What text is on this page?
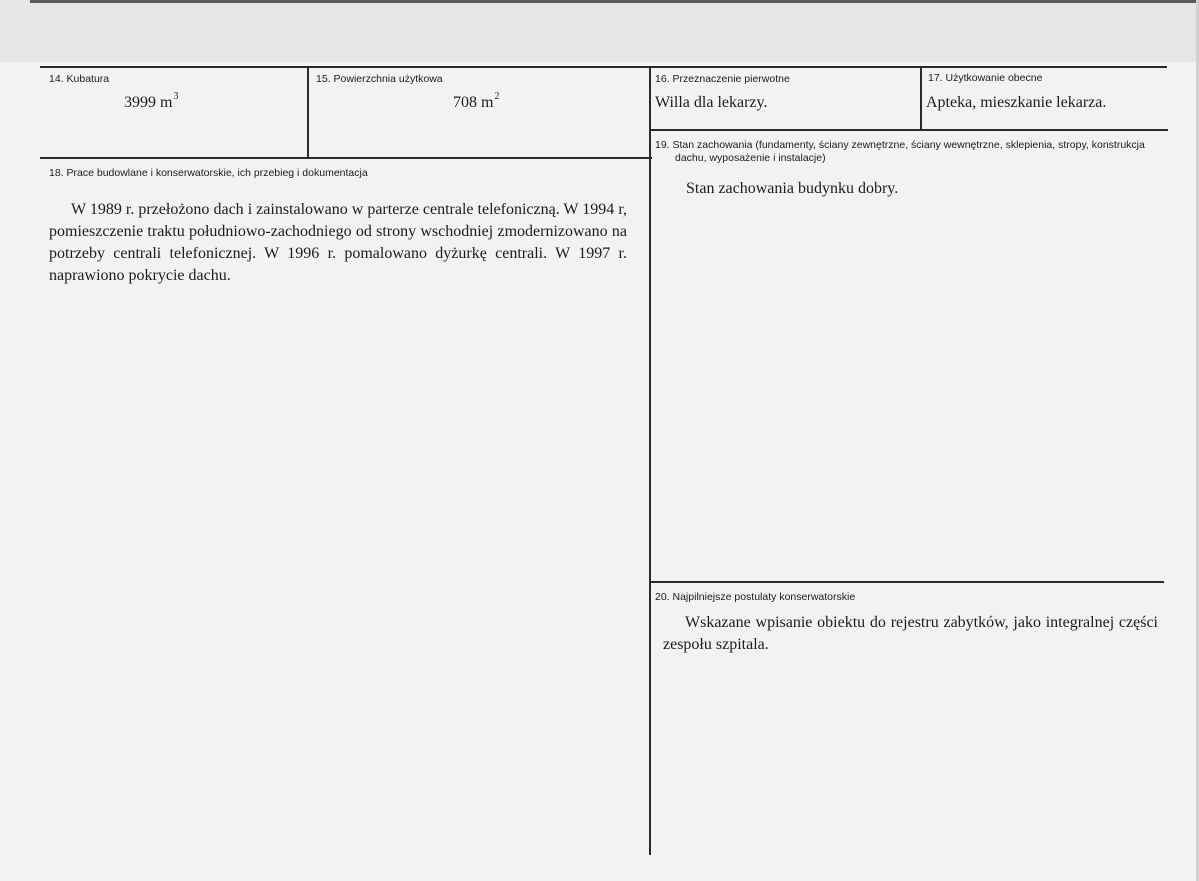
14. Kubatura
3999 $m^3$
15. Powierzchnia użytkowa
708 $m^2$
16. Przeznaczenie pierwotne
Willa dla lekarzy.
17. Użytkowanie obecne
Apteka, mieszkanie lekarza.
18. Prace budowlane i konserwatorskie, ich przebieg i dokumentacja
W 1989 r. przełożono dach i zainstalowano w parterze centrale telefoniczną. W 1994 r, pomieszczenie traktu południowo-zachodniego od strony wschodniej zmodernizowano na potrzeby centrali telefonicznej. W 1996 r. pomalowano dyżurkę centrali. W 1997 r. naprawiono pokrycie dachu.
19. Stan zachowania (fundamenty, ściany zewnętrzne, ściany wewnętrzne, sklepienia, stropy, konstrukcja
dachu, wyposażenie i instalacje)
Stan zachowania budynku dobry.
20. Najpilniejsze postulaty konserwatorskie
Wskazane wpisanie obiektu do rejestru zabytków, jako integralnej części zespołu szpitala.
